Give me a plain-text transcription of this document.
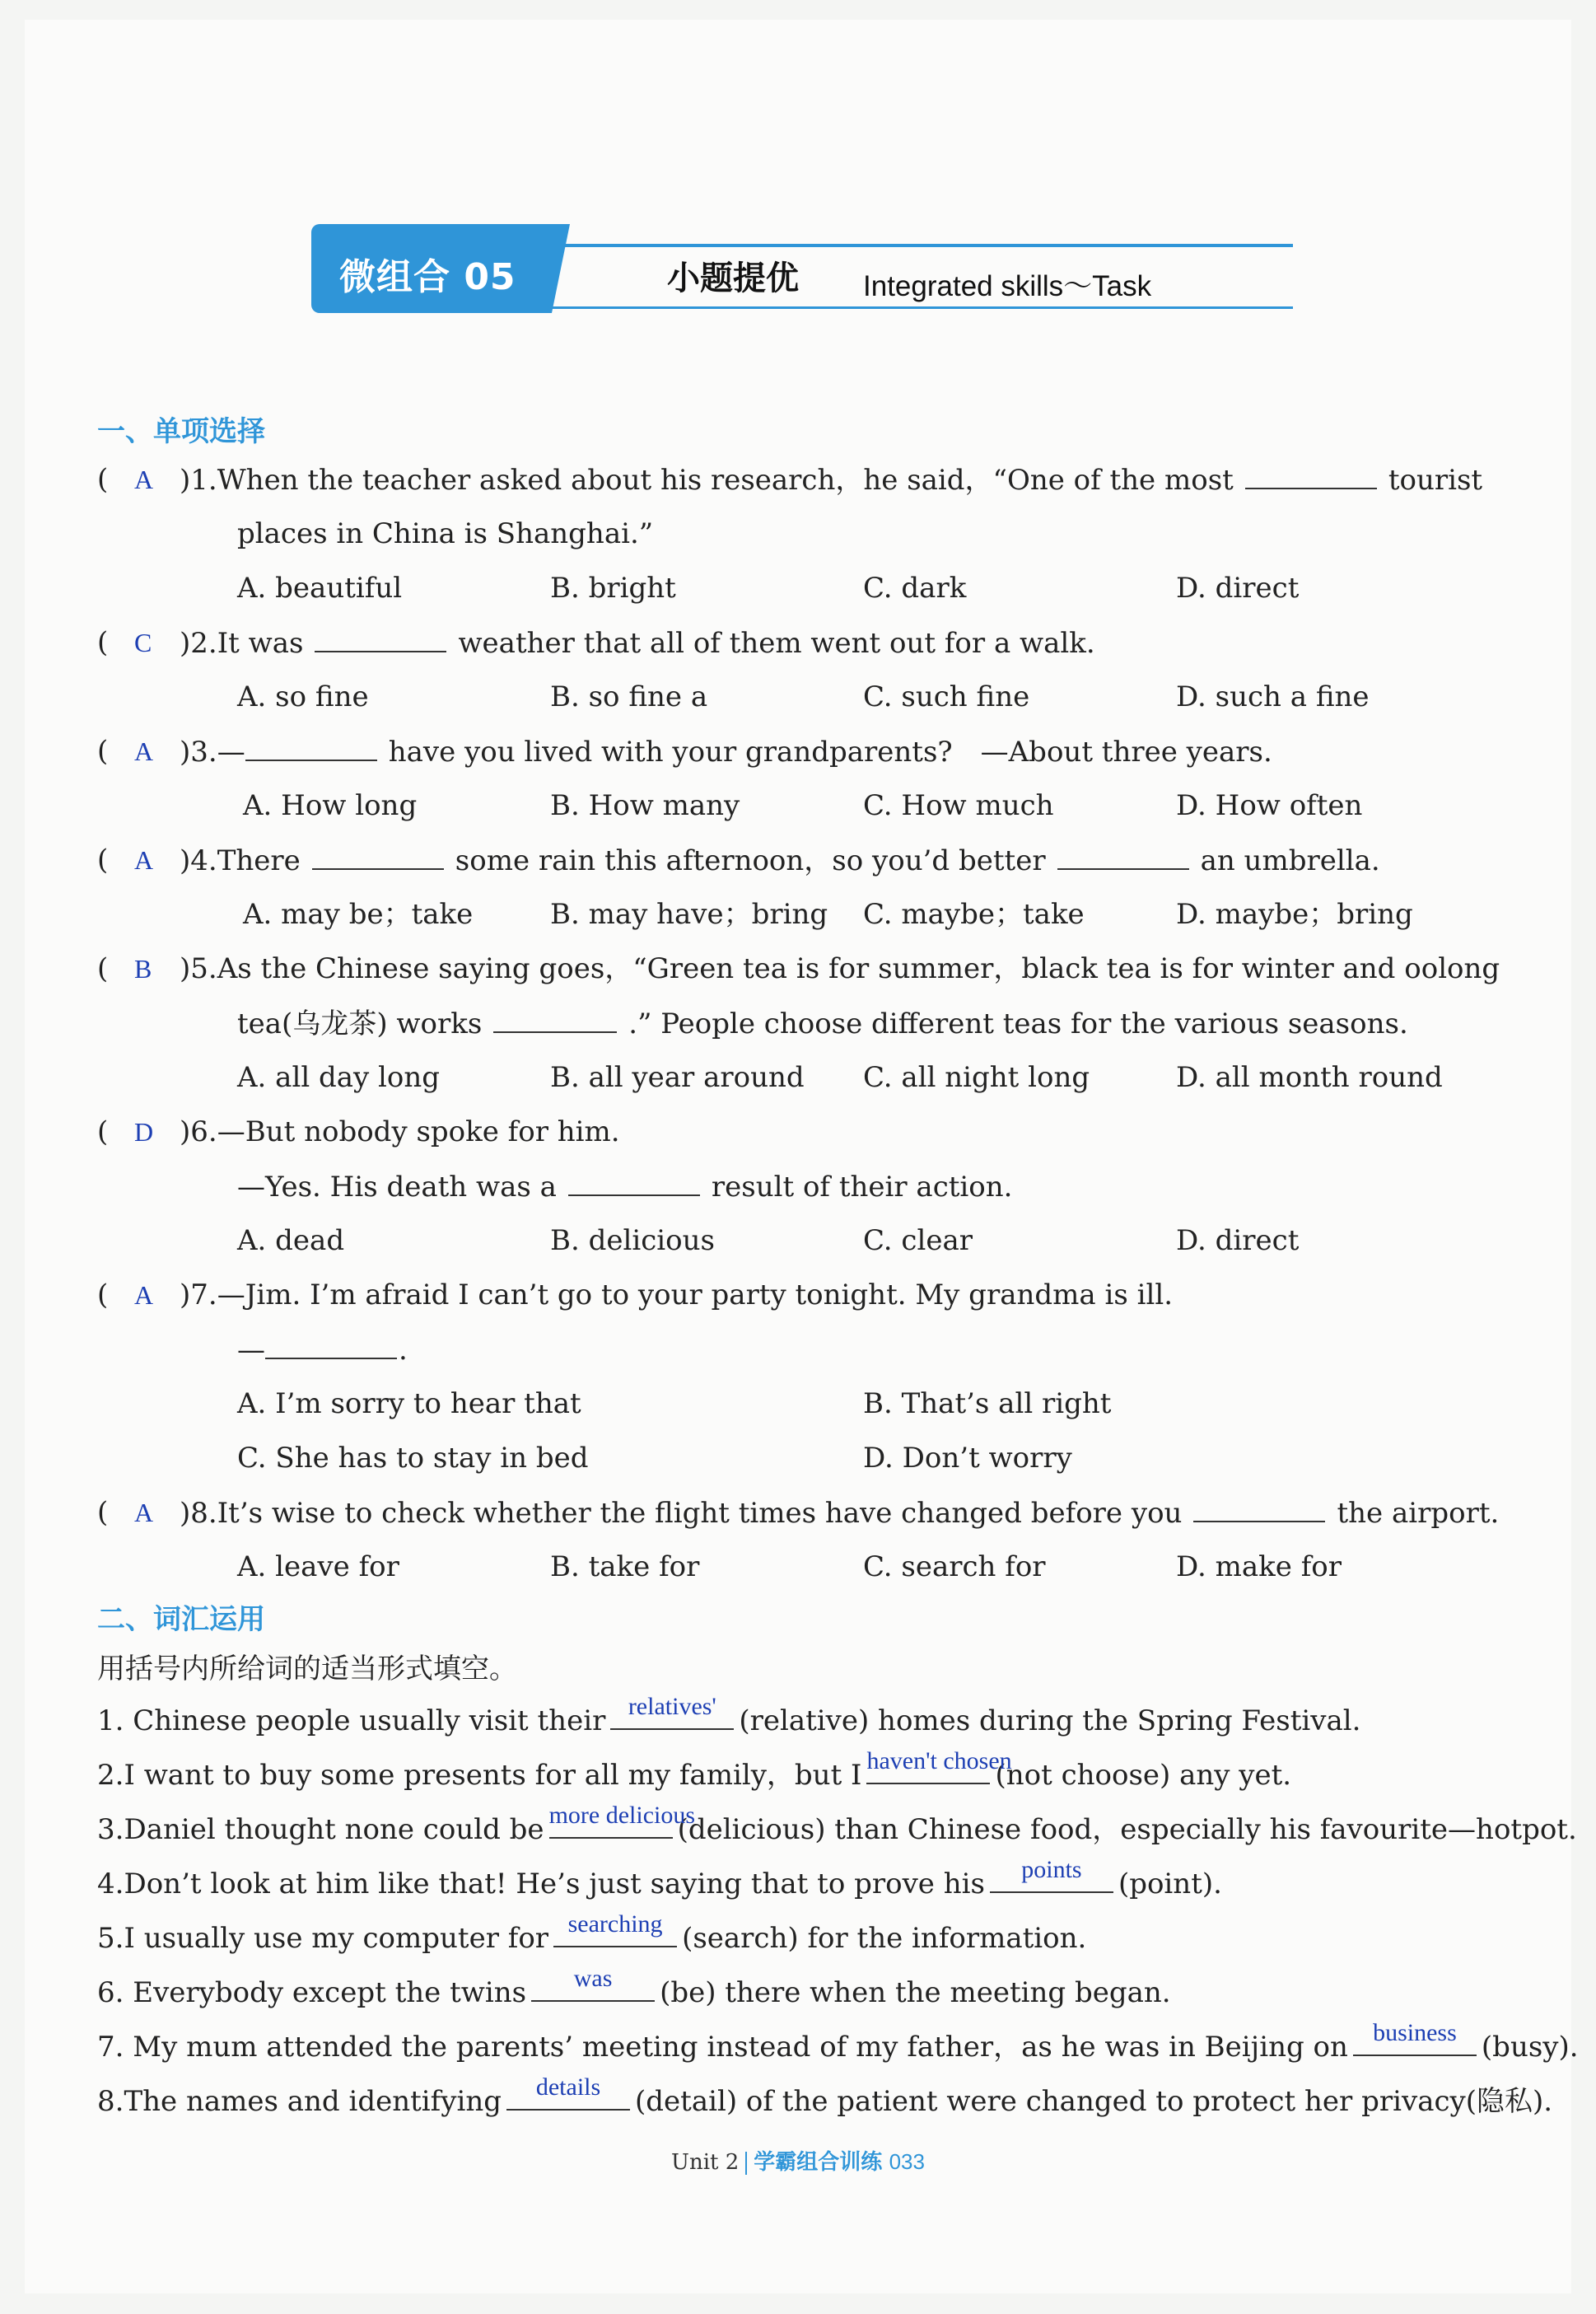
微组合 05	小题提优 Integrated skills～Task
一、单项选择
( A )1.When the teacher asked about his research，he said，“One of the most	tourist
places in China is Shanghai.”
A. beautiful	B. bright	C. dark	D. direct
( C )2.It was	weather that all of them went out for a walk.
A. so fine	B. so fine a	C. such fine	D. such a fine
( A )3.—	have you lived with your grandparents?　—About three years.
A. How long	B. How many	C. How much	D. How often
( A )4.There	some rain this afternoon，so you’d better	an umbrella.
A. may be；take	B. may have；bring C. maybe；take	D. maybe；bring
( B )5.As the Chinese saying goes，“Green tea is for summer，black tea is for winter and oolong
tea(乌龙茶) works	.” People choose different teas for the various seasons.
A. all day long	B. all year around C. all night long	D. all month round
( D )6.—But nobody spoke for him.
—Yes. His death was a	result of their action.
A. dead	B. delicious	C. clear	D. direct
( A )7.—Jim. I’m afraid I can’t go to your party tonight. My grandma is ill.
—	.
A. I’m sorry to hear that	B. That’s all right
C. She has to stay in bed	D. Don’t worry
( A )8.It’s wise to check whether the flight times have changed before you	the airport.
A. leave for	B. take for	C. search for	D. make for
二、词汇运用
用括号内所给词的适当形式填空。
1. Chinese people usually visit their relatives' (relative) homes during the Spring Festival.
2.I want to buy some presents for all my family，but I haven't chosen
(not choose) any yet.
3.Daniel thought none could be more delicious
(delicious) than Chinese food，especially his favourite—hotpot.
4.Don’t look at him like that! He’s just saying that to prove his	points	(point).
5.I usually use my computer for searching (search) for the information.
6. Everybody except the twins	was	(be) there when the meeting began.
7. My mum attended the parents’ meeting instead of my father，as he was in Beijing on	business (busy).
8.The names and identifying	details	(detail) of the patient were changed to protect her privacy(隐私).
Unit 2 学霸组合训练 033
